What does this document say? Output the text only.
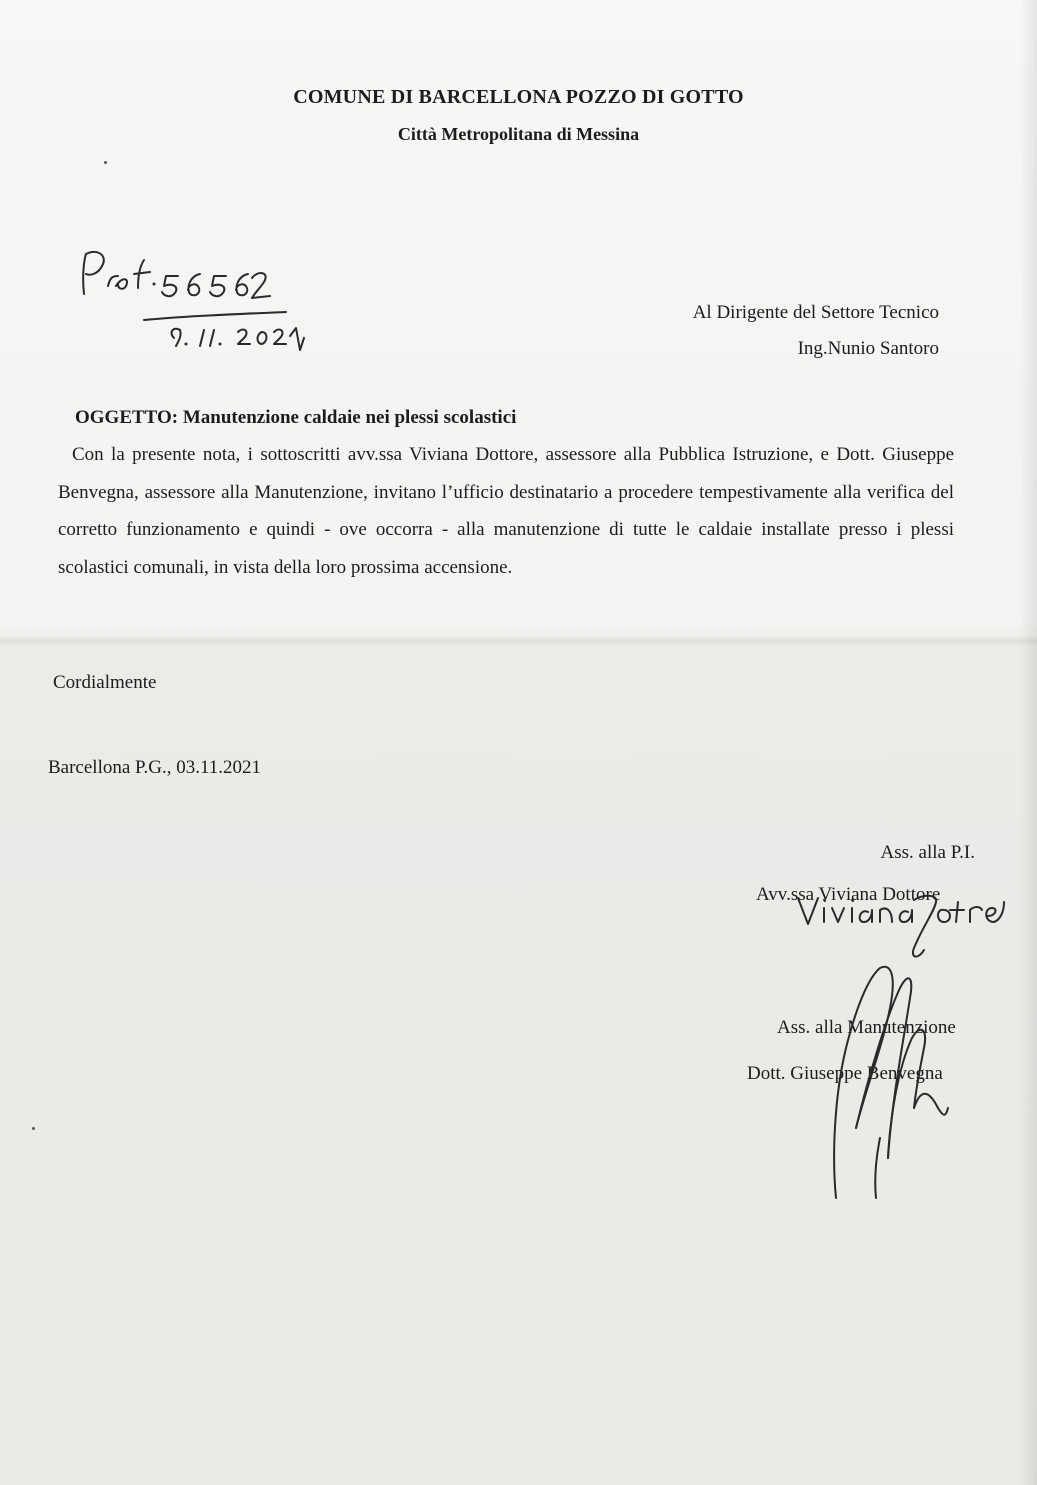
COMUNE DI BARCELLONA POZZO DI GOTTO
Città Metropolitana di Messina
Al Dirigente del Settore Tecnico
Ing.Nunio Santoro
OGGETTO: Manutenzione caldaie nei plessi scolastici

Con la presente nota, i sottoscritti avv.ssa Viviana Dottore, assessore alla Pubblica Istruzione, e Dott. Giuseppe Benvegna, assessore alla Manutenzione, invitano l’ufficio destinatario a procedere tempestivamente alla verifica del corretto funzionamento e quindi - ove occorra - alla manutenzione di tutte le caldaie installate presso i plessi scolastici comunali, in vista della loro prossima accensione.

Cordialmente
Barcellona P.G., 03.11.2021
Ass. alla P.I.
Avv.ssa Viviana Dottore
Ass. alla Manutenzione
Dott. Giuseppe Benvegna
